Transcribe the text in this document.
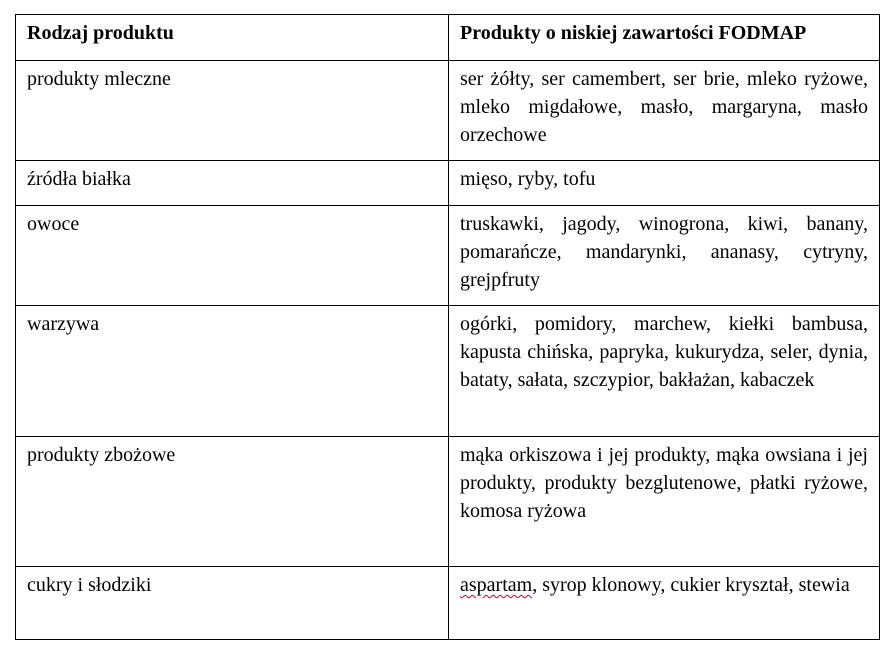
Rodzaj produktu	Produkty o niskiej zawartości FODMAP
produkty mleczne	ser żółty, ser camembert, ser brie, mleko ryżowe, mleko migdałowe, masło, margaryna, masło orzechowe
źródła białka	mięso, ryby, tofu
owoce	truskawki, jagody, winogrona, kiwi, banany, pomarańcze, mandarynki, ananasy, cytryny, grejpfruty
warzywa	ogórki, pomidory, marchew, kiełki bambusa, kapusta chińska, papryka, kukurydza, seler, dynia, bataty, sałata, szczypior, bakłażan, kabaczek
produkty zbożowe	mąka orkiszowa i jej produkty, mąka owsiana i jej produkty, produkty bezglutenowe, płatki ryżowe, komosa ryżowa
cukry i słodziki	aspartam, syrop klonowy, cukier kryształ, stewia
